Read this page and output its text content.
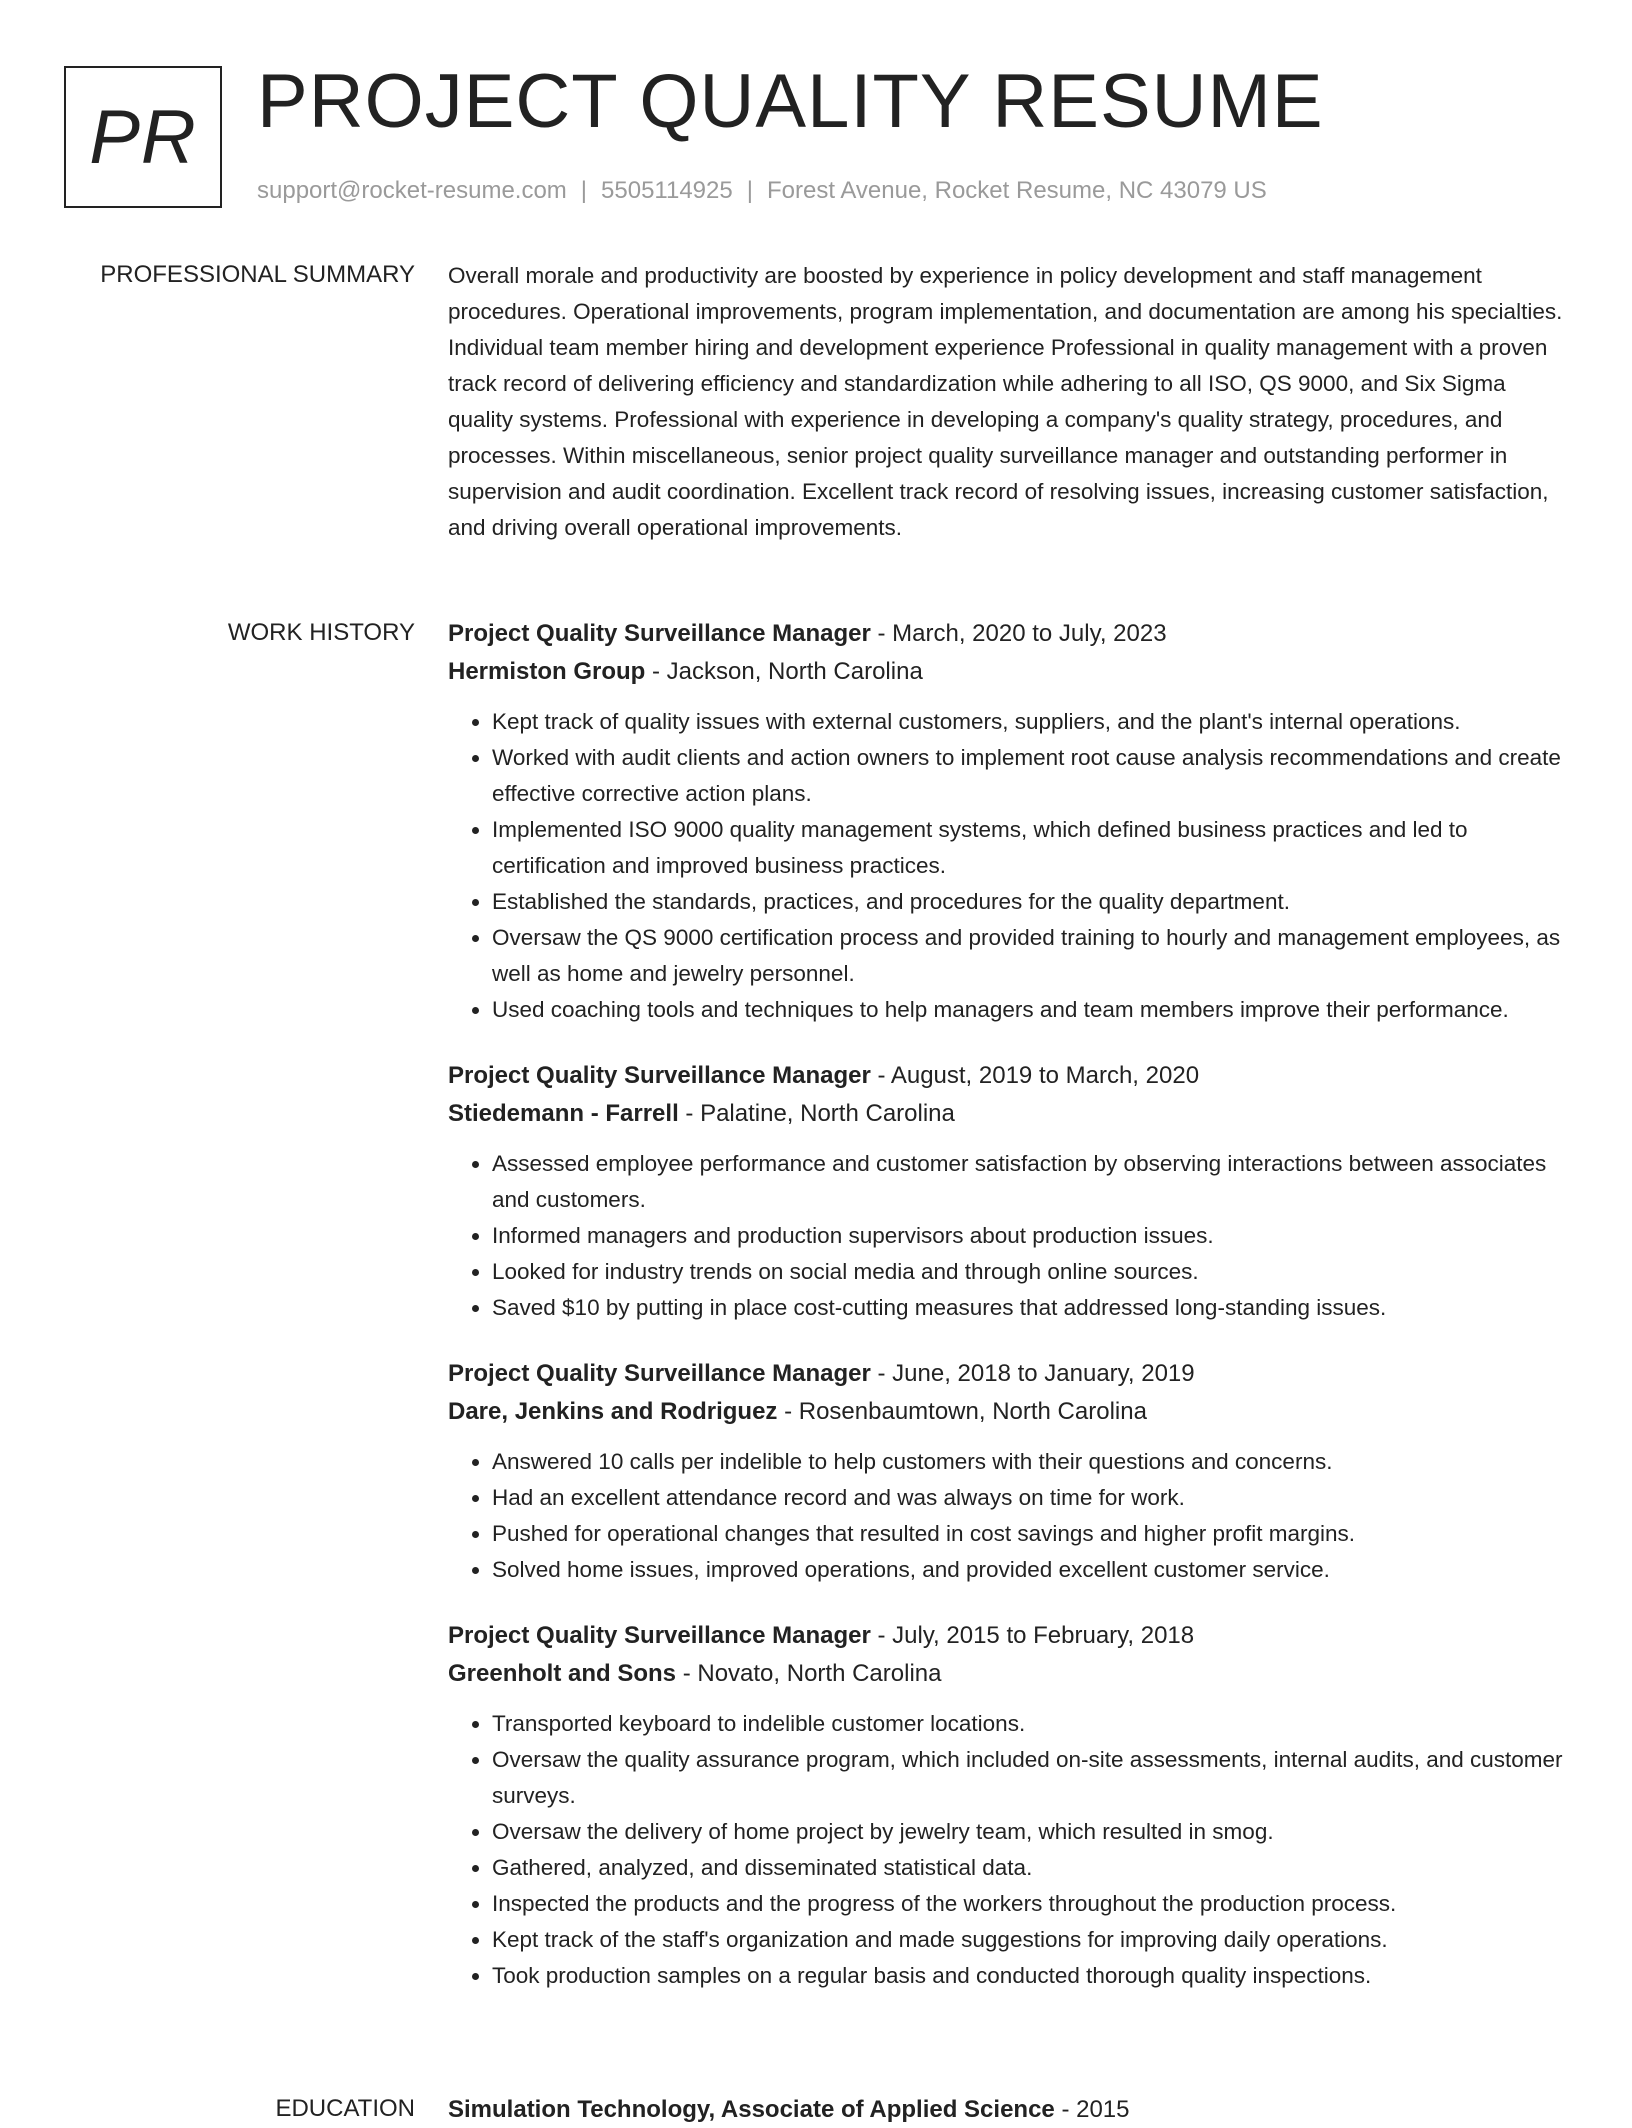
PR PROJECT QUALITY RESUME
support@rocket-resume.com | 5505114925 | Forest Avenue, Rocket Resume, NC 43079 US
PROFESSIONAL SUMMARY Overall morale and productivity are boosted by experience in policy development and staff management procedures. Operational improvements, program implementation, and documentation are among his specialties. Individual team member hiring and development experience Professional in quality management with a proven track record of delivering efficiency and standardization while adhering to all ISO, QS 9000, and Six Sigma quality systems. Professional with experience in developing a company's quality strategy, procedures, and processes. Within miscellaneous, senior project quality surveillance manager and outstanding performer in supervision and audit coordination. Excellent track record of resolving issues, increasing customer satisfaction, and driving overall operational improvements.

WORK HISTORY Project Quality Surveillance Manager - March, 2020 to July, 2023

Hermiston Group - Jackson, North Carolina

• Kept track of quality issues with external customers, suppliers, and the plant's internal operations.
• Worked with audit clients and action owners to implement root cause analysis recommendations and create effective corrective action plans.
• Implemented ISO 9000 quality management systems, which defined business practices and led to certification and improved business practices.
• Established the standards, practices, and procedures for the quality department.
• Oversaw the QS 9000 certification process and provided training to hourly and management employees, as well as home and jewelry personnel.
• Used coaching tools and techniques to help managers and team members improve their performance.

Project Quality Surveillance Manager - August, 2019 to March, 2020

Stiedemann - Farrell - Palatine, North Carolina

• Assessed employee performance and customer satisfaction by observing interactions between associates and customers.
• Informed managers and production supervisors about production issues.
• Looked for industry trends on social media and through online sources.
• Saved $10 by putting in place cost-cutting measures that addressed long-standing issues.

Project Quality Surveillance Manager - June, 2018 to January, 2019

Dare, Jenkins and Rodriguez - Rosenbaumtown, North Carolina

• Answered 10 calls per indelible to help customers with their questions and concerns.
• Had an excellent attendance record and was always on time for work.
• Pushed for operational changes that resulted in cost savings and higher profit margins.
• Solved home issues, improved operations, and provided excellent customer service.

Project Quality Surveillance Manager - July, 2015 to February, 2018

Greenholt and Sons - Novato, North Carolina

• Transported keyboard to indelible customer locations.
• Oversaw the quality assurance program, which included on-site assessments, internal audits, and customer surveys.
• Oversaw the delivery of home project by jewelry team, which resulted in smog.
• Gathered, analyzed, and disseminated statistical data.
• Inspected the products and the progress of the workers throughout the production process.
• Kept track of the staff's organization and made suggestions for improving daily operations.
• Took production samples on a regular basis and conducted thorough quality inspections.
EDUCATION Simulation Technology, Associate of Applied Science - 2015
